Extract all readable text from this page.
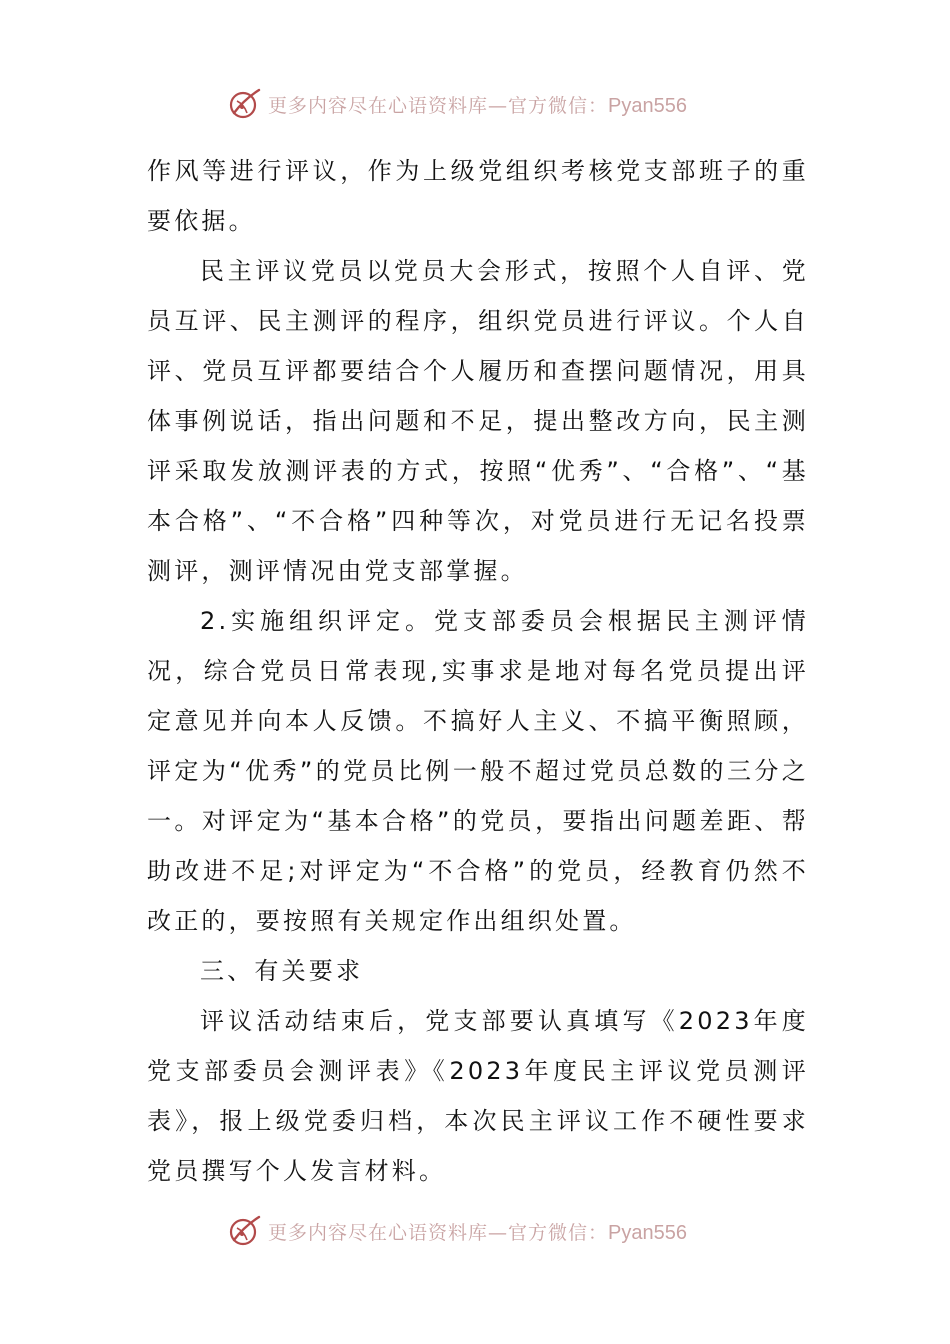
更多内容尽在心语资料库—官方微信：Pyan556

作风等进行评议，作为上级党组织考核党支部班子的重要依据。

民主评议党员以党员大会形式，按照个人自评、党员互评、民主测评的程序，组织党员进行评议。个人自评、党员互评都要结合个人履历和查摆问题情况，用具体事例说话，指出问题和不足，提出整改方向，民主测评采取发放测评表的方式，按照“优秀”、“合格”、“基本合格”、“不合格”四种等次，对党员进行无记名投票测评，测评情况由党支部掌握。

2.实施组织评定。党支部委员会根据民主测评情况，综合党员日常表现,实事求是地对每名党员提出评定意见并向本人反馈。不搞好人主义、不搞平衡照顾，评定为“优秀”的党员比例一般不超过党员总数的三分之一。对评定为“基本合格”的党员，要指出问题差距、帮助改进不足;对评定为“不合格”的党员，经教育仍然不改正的，要按照有关规定作出组织处置。

三、有关要求

评议活动结束后，党支部要认真填写《2023年度党支部委员会测评表》《2023年度民主评议党员测评表》，报上级党委归档，本次民主评议工作不硬性要求党员撰写个人发言材料。

更多内容尽在心语资料库—官方微信：Pyan556
